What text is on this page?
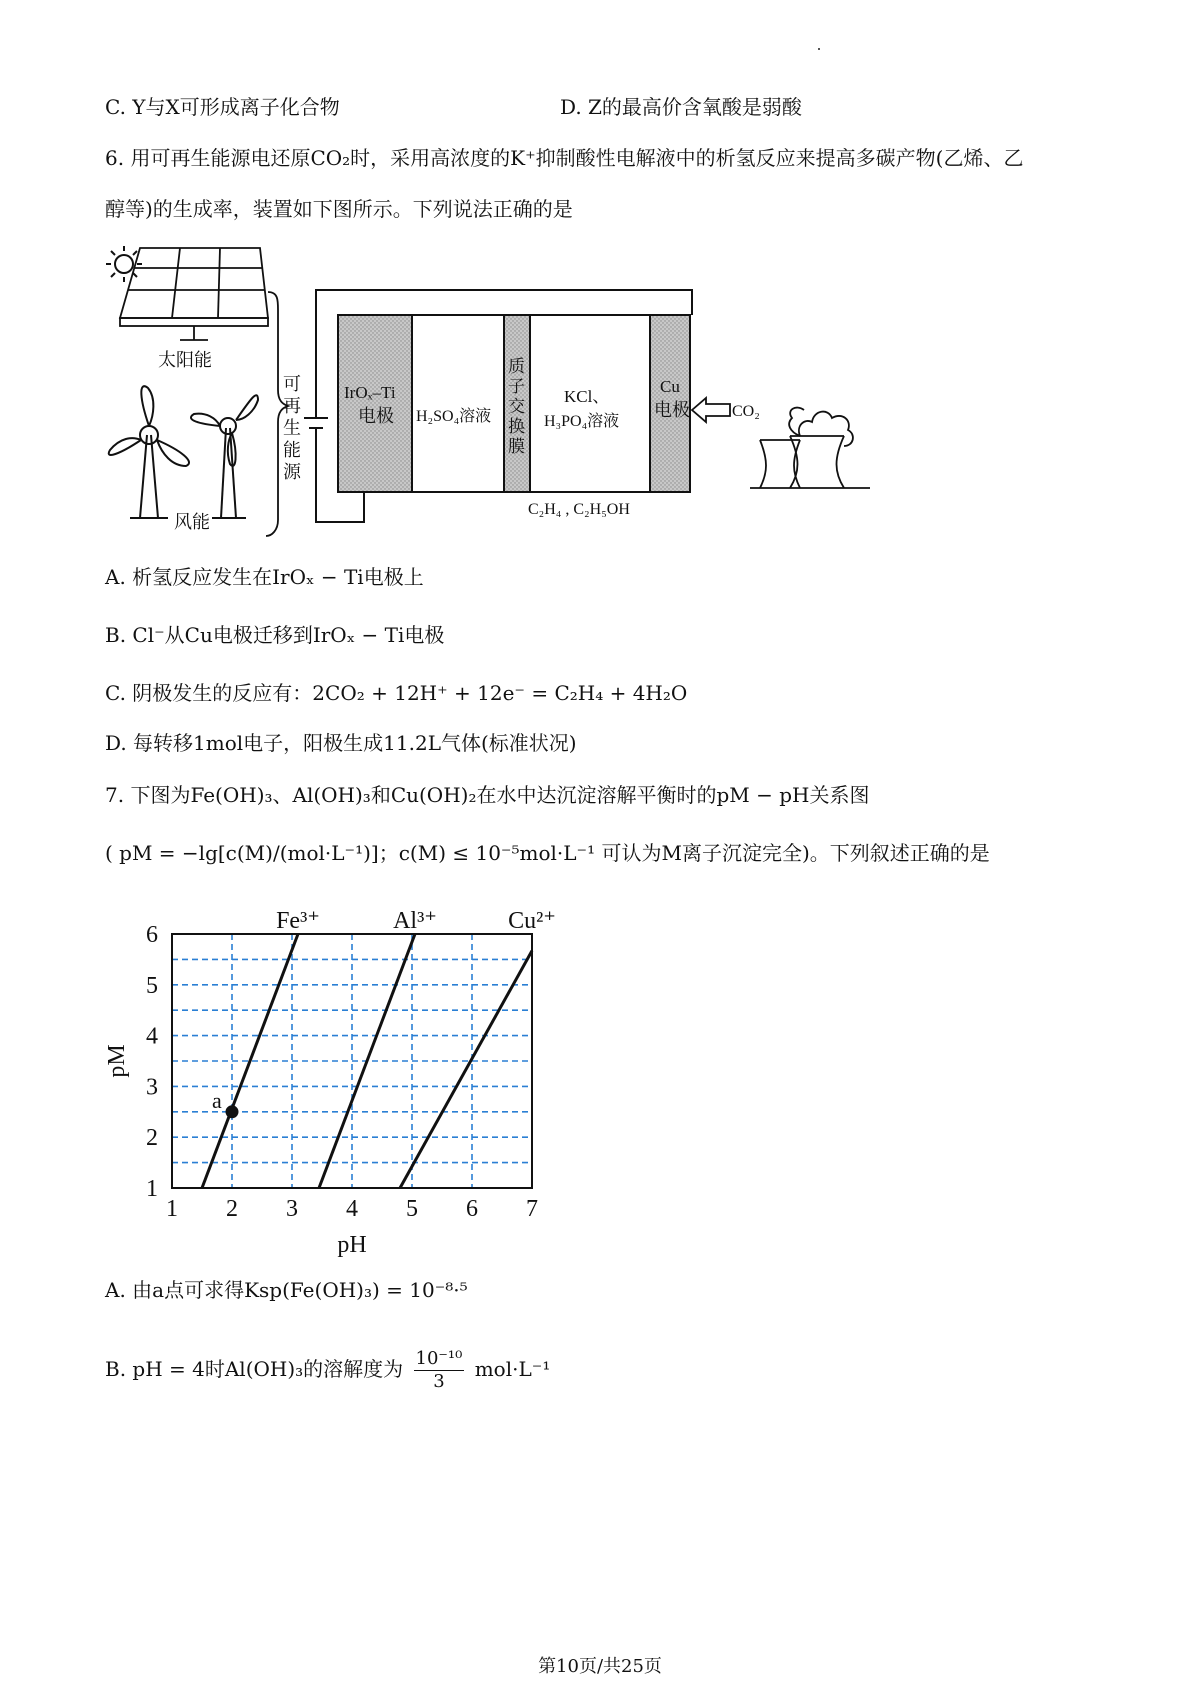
C. Y与X可形成离子化合物	D. Z的最高价含氧酸是弱酸
6. 用可再生能源电还原CO₂时，采用高浓度的K⁺抑制酸性电解液中的析氢反应来提高多碳产物(乙烯、乙
醇等)的生成率，装置如下图所示。下列说法正确的是
太阳能
风能
可
再
生
能
源
IrOₓ–Ti
电极 H₂SO₄溶液
质
子
交
换
膜
KCl、
H₃PO₄溶液
Cu
电极
C₂H₄ , C₂H₅OH
CO₂
A. 析氢反应发生在IrOₓ − Ti电极上
B. Cl⁻从Cu电极迁移到IrOₓ − Ti电极
C. 阴极发生的反应有：2CO₂ + 12H⁺ + 12e⁻ = C₂H₄ + 4H₂O
D. 每转移1mol电子，阳极生成11.2L气体(标准状况)
7. 下图为Fe(OH)₃、Al(OH)₃和Cu(OH)₂在水中达沉淀溶解平衡时的pM − pH关系图
( pM = −lg[c(M)/(mol·L⁻¹)]；c(M) ≤ 10⁻⁵mol·L⁻¹ 可认为M离子沉淀完全)。下列叙述正确的是
Fe³⁺	Al³⁺	Cu²⁺
a
1 2 3 4 5 6 7
1
2
3
4
5
6
pH
pM
A. 由a点可求得Ksp(Fe(OH)₃) = 10⁻⁸·⁵
B. pH = 4时Al(OH)₃的溶解度为 $\frac{\text{10⁻¹⁰}}{3} mol\cdot L^{-1}$
第10页/共25页
